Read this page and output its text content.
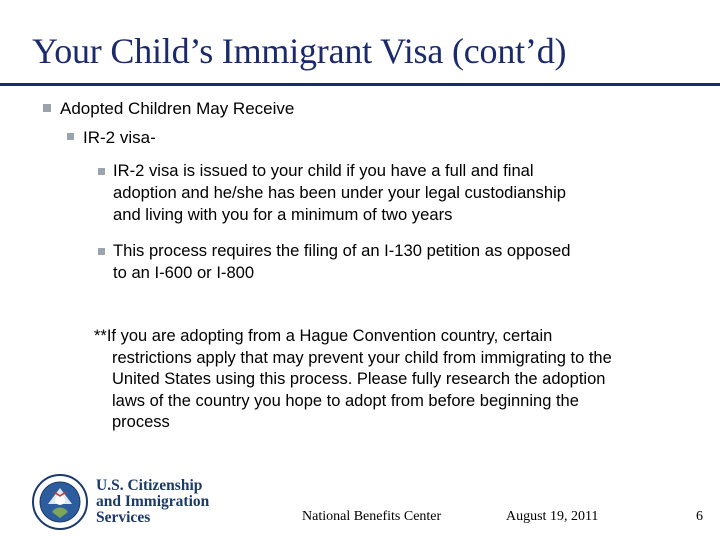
Your Child’s Immigrant Visa (cont’d)
Adopted Children May Receive
IR-2 visa-
IR-2 visa is issued to your child if you have a full and final
adoption and he/she has been under your legal custodianship
and living with you for a minimum of two years
This process requires the filing of an I-130 petition as opposed
to an I-600 or I-800
**If you are adopting from a Hague Convention country, certain
restrictions apply that may prevent your child from immigrating to the
United States using this process. Please fully research the adoption
laws of the country you hope to adopt from before beginning the
process
U.S. Citizenship
and Immigration
Services	National Benefits Center	August 19, 2011	6
